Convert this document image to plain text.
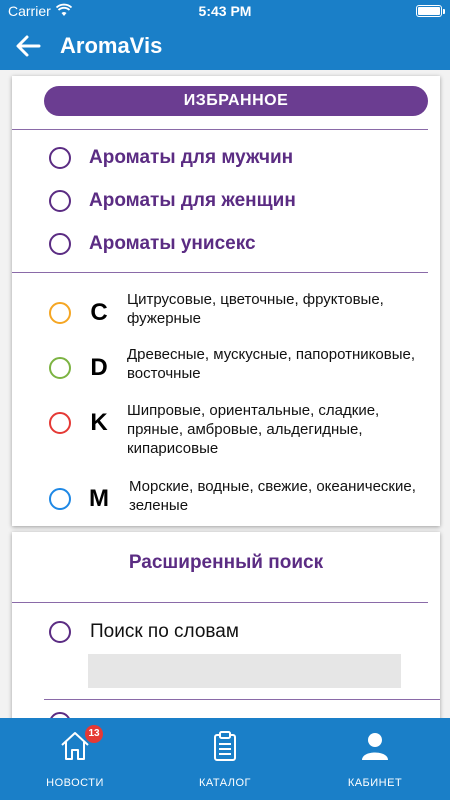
Carrier	5:43 PM
AromaVis
ИЗБРАННОЕ
Ароматы для мужчин
Ароматы для женщин
Ароматы унисекс
C Цитрусовые, цветочные, фруктовые, фужерные
D Древесные, мускусные, папоротниковые, восточные
K Шипровые, ориентальные, сладкие, пряные, амбровые, альдегидные, кипарисовые
M Морские, водные, свежие, океанические, зеленые
Расширенный поиск
Поиск по словам
13
НОВОСТИ	КАТАЛОГ	КАБИНЕТ
